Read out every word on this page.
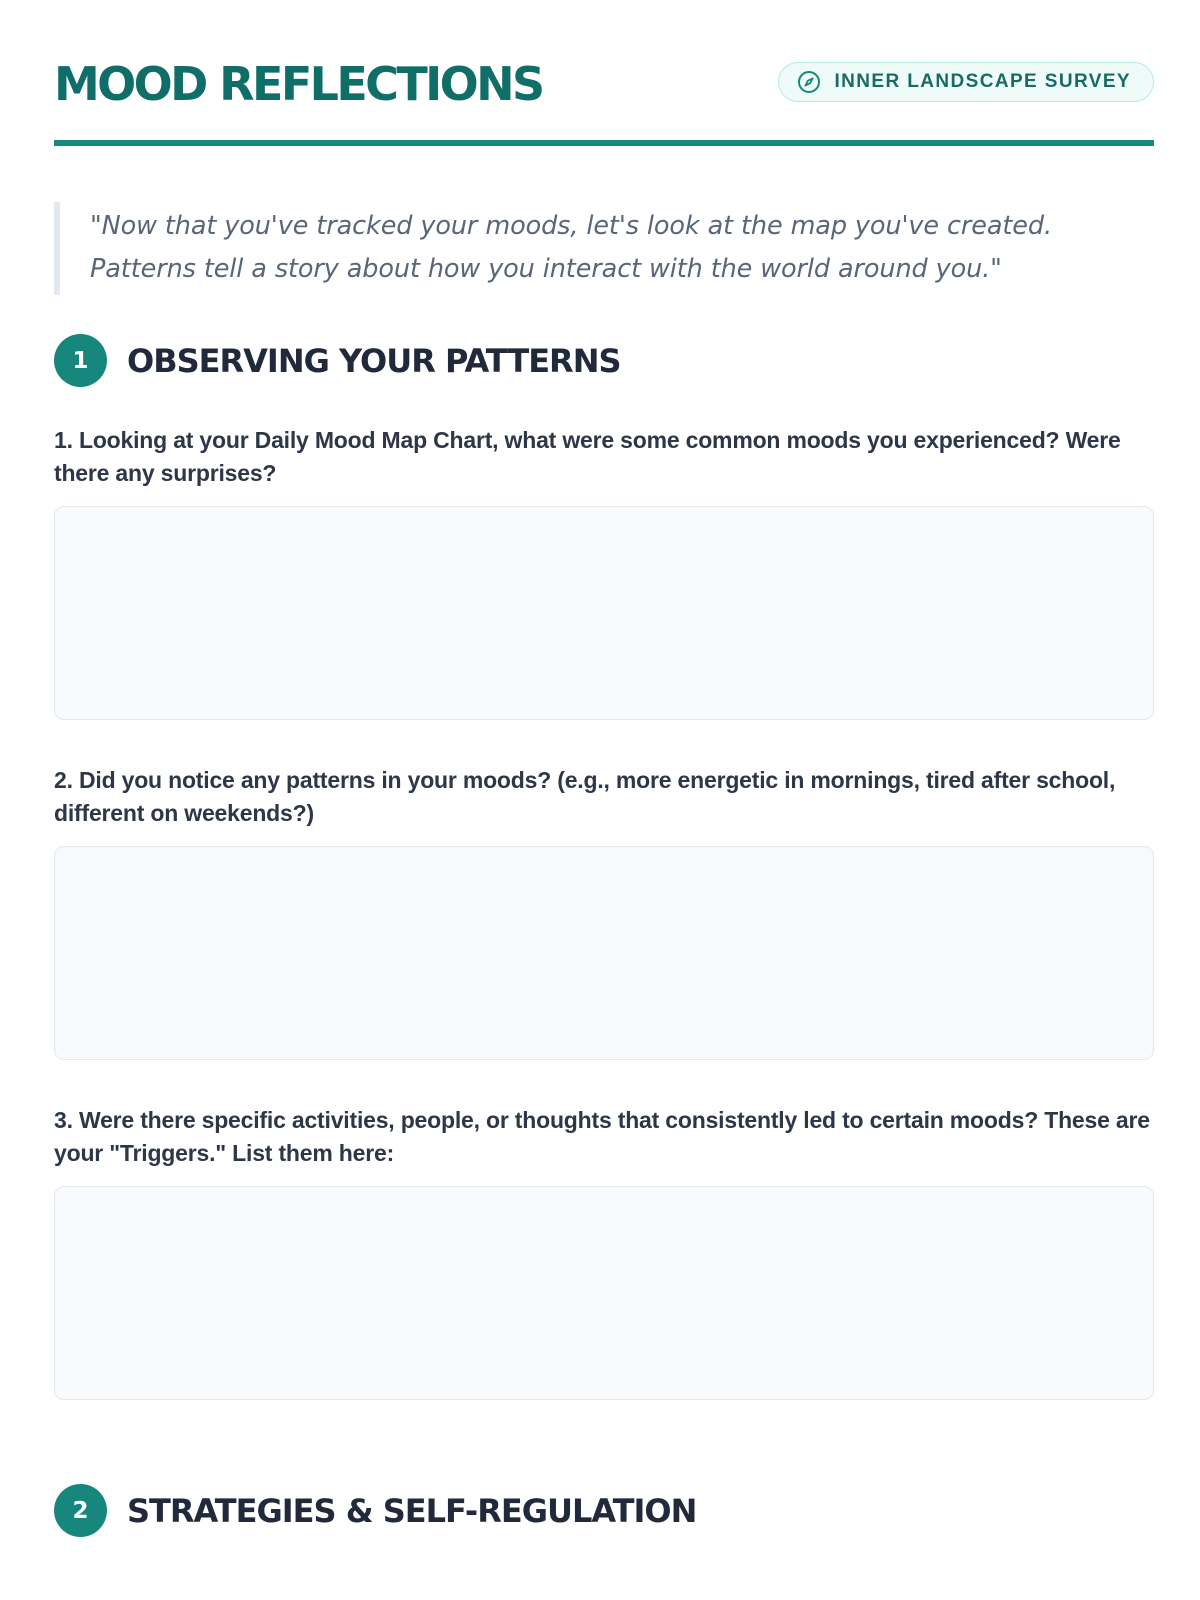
MOOD REFLECTIONS	INNER LANDSCAPE SURVEY
"Now that you've tracked your moods, let's look at the map you've created. Patterns tell a story about how you interact with the world around you."
1	OBSERVING YOUR PATTERNS

1. Looking at your Daily Mood Map Chart, what were some common moods you experienced? Were there any surprises?

2. Did you notice any patterns in your moods? (e.g., more energetic in mornings, tired after school, different on weekends?)

3. Were there specific activities, people, or thoughts that consistently led to certain moods? These are your "Triggers." List them here:

2	STRATEGIES & SELF-REGULATION
